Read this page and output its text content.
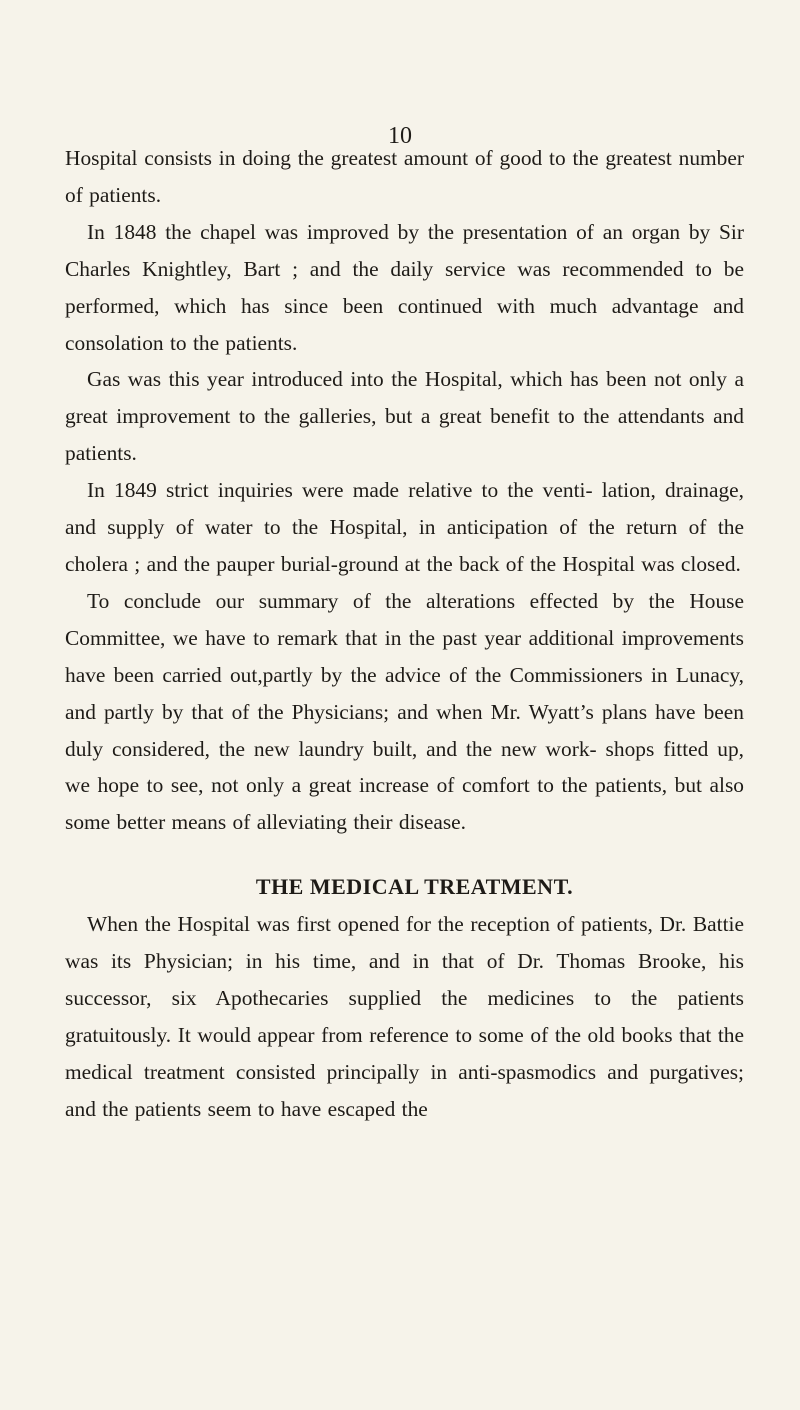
10

Hospital consists in doing the greatest amount of good to the greatest number of patients.

In 1848 the chapel was improved by the presentation of an organ by Sir Charles Knightley, Bart ; and the daily service was recommended to be performed, which has since been continued with much advantage and consolation to the patients.

Gas was this year introduced into the Hospital, which has been not only a great improvement to the galleries, but a great benefit to the attendants and patients.

In 1849 strict inquiries were made relative to the venti- lation, drainage, and supply of water to the Hospital, in anticipation of the return of the cholera ; and the pauper burial-ground at the back of the Hospital was closed.

To conclude our summary of the alterations effected by the House Committee, we have to remark that in the past year additional improvements have been carried out,partly by the advice of the Commissioners in Lunacy, and partly by that of the Physicians; and when Mr. Wyatt’s plans have been duly considered, the new laundry built, and the new work- shops fitted up, we hope to see, not only a great increase of comfort to the patients, but also some better means of alleviating their disease.

THE MEDICAL TREATMENT.

When the Hospital was first opened for the reception of patients, Dr. Battie was its Physician; in his time, and in that of Dr. Thomas Brooke, his successor, six Apothecaries supplied the medicines to the patients gratuitously. It would appear from reference to some of the old books that the medical treatment consisted principally in anti-spasmodics and purgatives; and the patients seem to have escaped the
